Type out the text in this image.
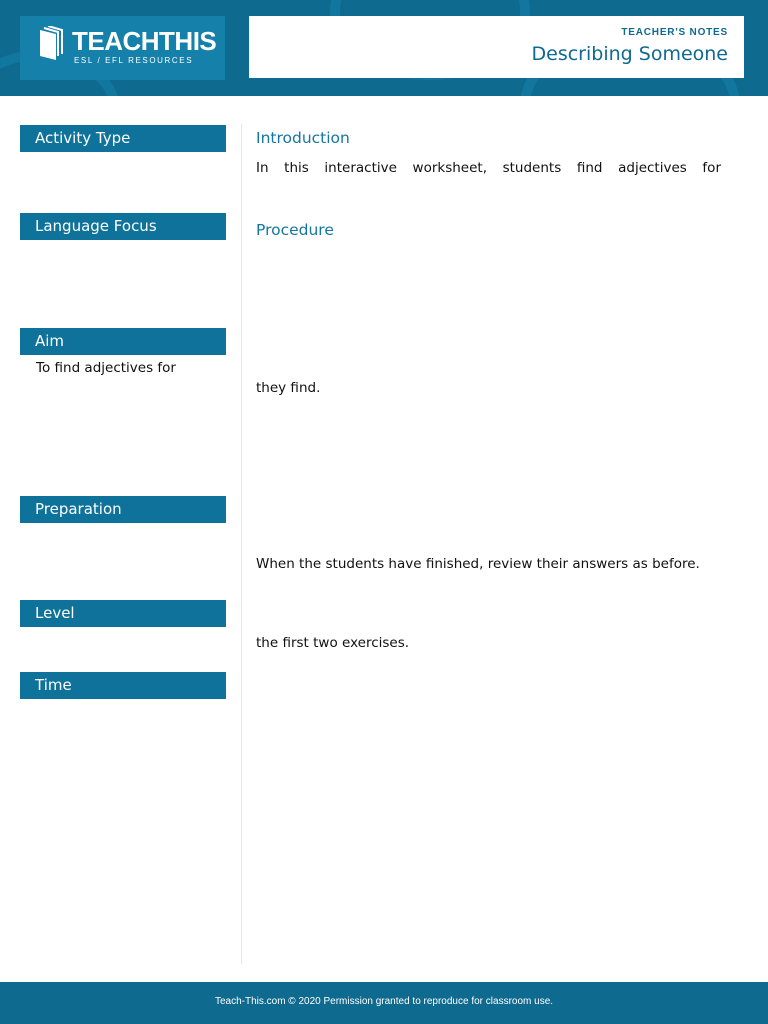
TEACHTHIS
ESL / EFL RESOURCES
TEACHER'S NOTES
Describing Someone
Activity Type
Language Focus
Aim
To find adjectives for
Preparation
Level
Time
Introduction
In this interactive worksheet, students find adjectives for
Procedure
they find.
When the students have finished, review their answers as before.
the first two exercises.
Teach-This.com © 2020 Permission granted to reproduce for classroom use.
